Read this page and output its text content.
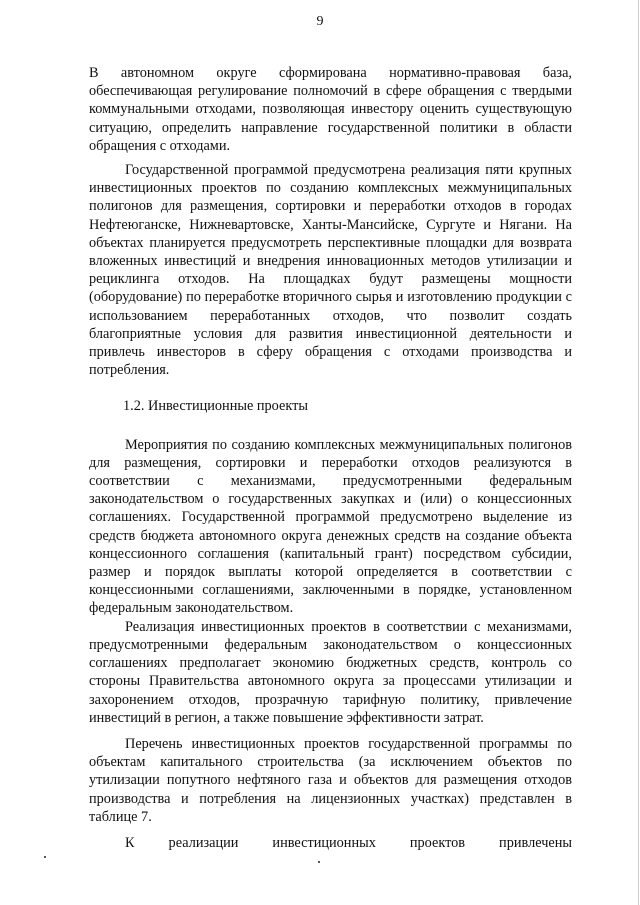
9

В автономном округе сформирована нормативно-правовая база, обеспечивающая регулирование полномочий в сфере обращения с твердыми коммунальными отходами, позволяющая инвестору оценить существующую ситуацию, определить направление государственной политики в области обращения с отходами.

Государственной программой предусмотрена реализация пяти крупных инвестиционных проектов по созданию комплексных межмуниципальных полигонов для размещения, сортировки и переработки отходов в городах Нефтеюганске, Нижневартовске, Ханты-Мансийске, Сургуте и Нягани. На объектах планируется предусмотреть перспективные площадки для возврата вложенных инвестиций и внедрения инновационных методов утилизации и рециклинга отходов. На площадках будут размещены мощности (оборудование) по переработке вторичного сырья и изготовлению продукции с использованием переработанных отходов, что позволит создать благоприятные условия для развития инвестиционной деятельности и привлечь инвесторов в сферу обращения с отходами производства и потребления.

1.2. Инвестиционные проекты

Мероприятия по созданию комплексных межмуниципальных полигонов для размещения, сортировки и переработки отходов реализуются в соответствии с механизмами, предусмотренными федеральным законодательством о государственных закупках и (или) о концессионных соглашениях. Государственной программой предусмотрено выделение из средств бюджета автономного округа денежных средств на создание объекта концессионного соглашения (капитальный грант) посредством субсидии, размер и порядок выплаты которой определяется в соответствии с концессионными соглашениями, заключенными в порядке, установленном федеральным законодательством.

Реализация инвестиционных проектов в соответствии с механизмами, предусмотренными федеральным законодательством о концессионных соглашениях предполагает экономию бюджетных средств, контроль со стороны Правительства автономного округа за процессами утилизации и захоронением отходов, прозрачную тарифную политику, привлечение инвестиций в регион, а также повышение эффективности затрат.

Перечень инвестиционных проектов государственной программы по объектам капитального строительства (за исключением объектов по утилизации попутного нефтяного газа и объектов для размещения отходов производства и потребления на лицензионных участках) представлен в таблице 7.

К реализации инвестиционных проектов привлечены
